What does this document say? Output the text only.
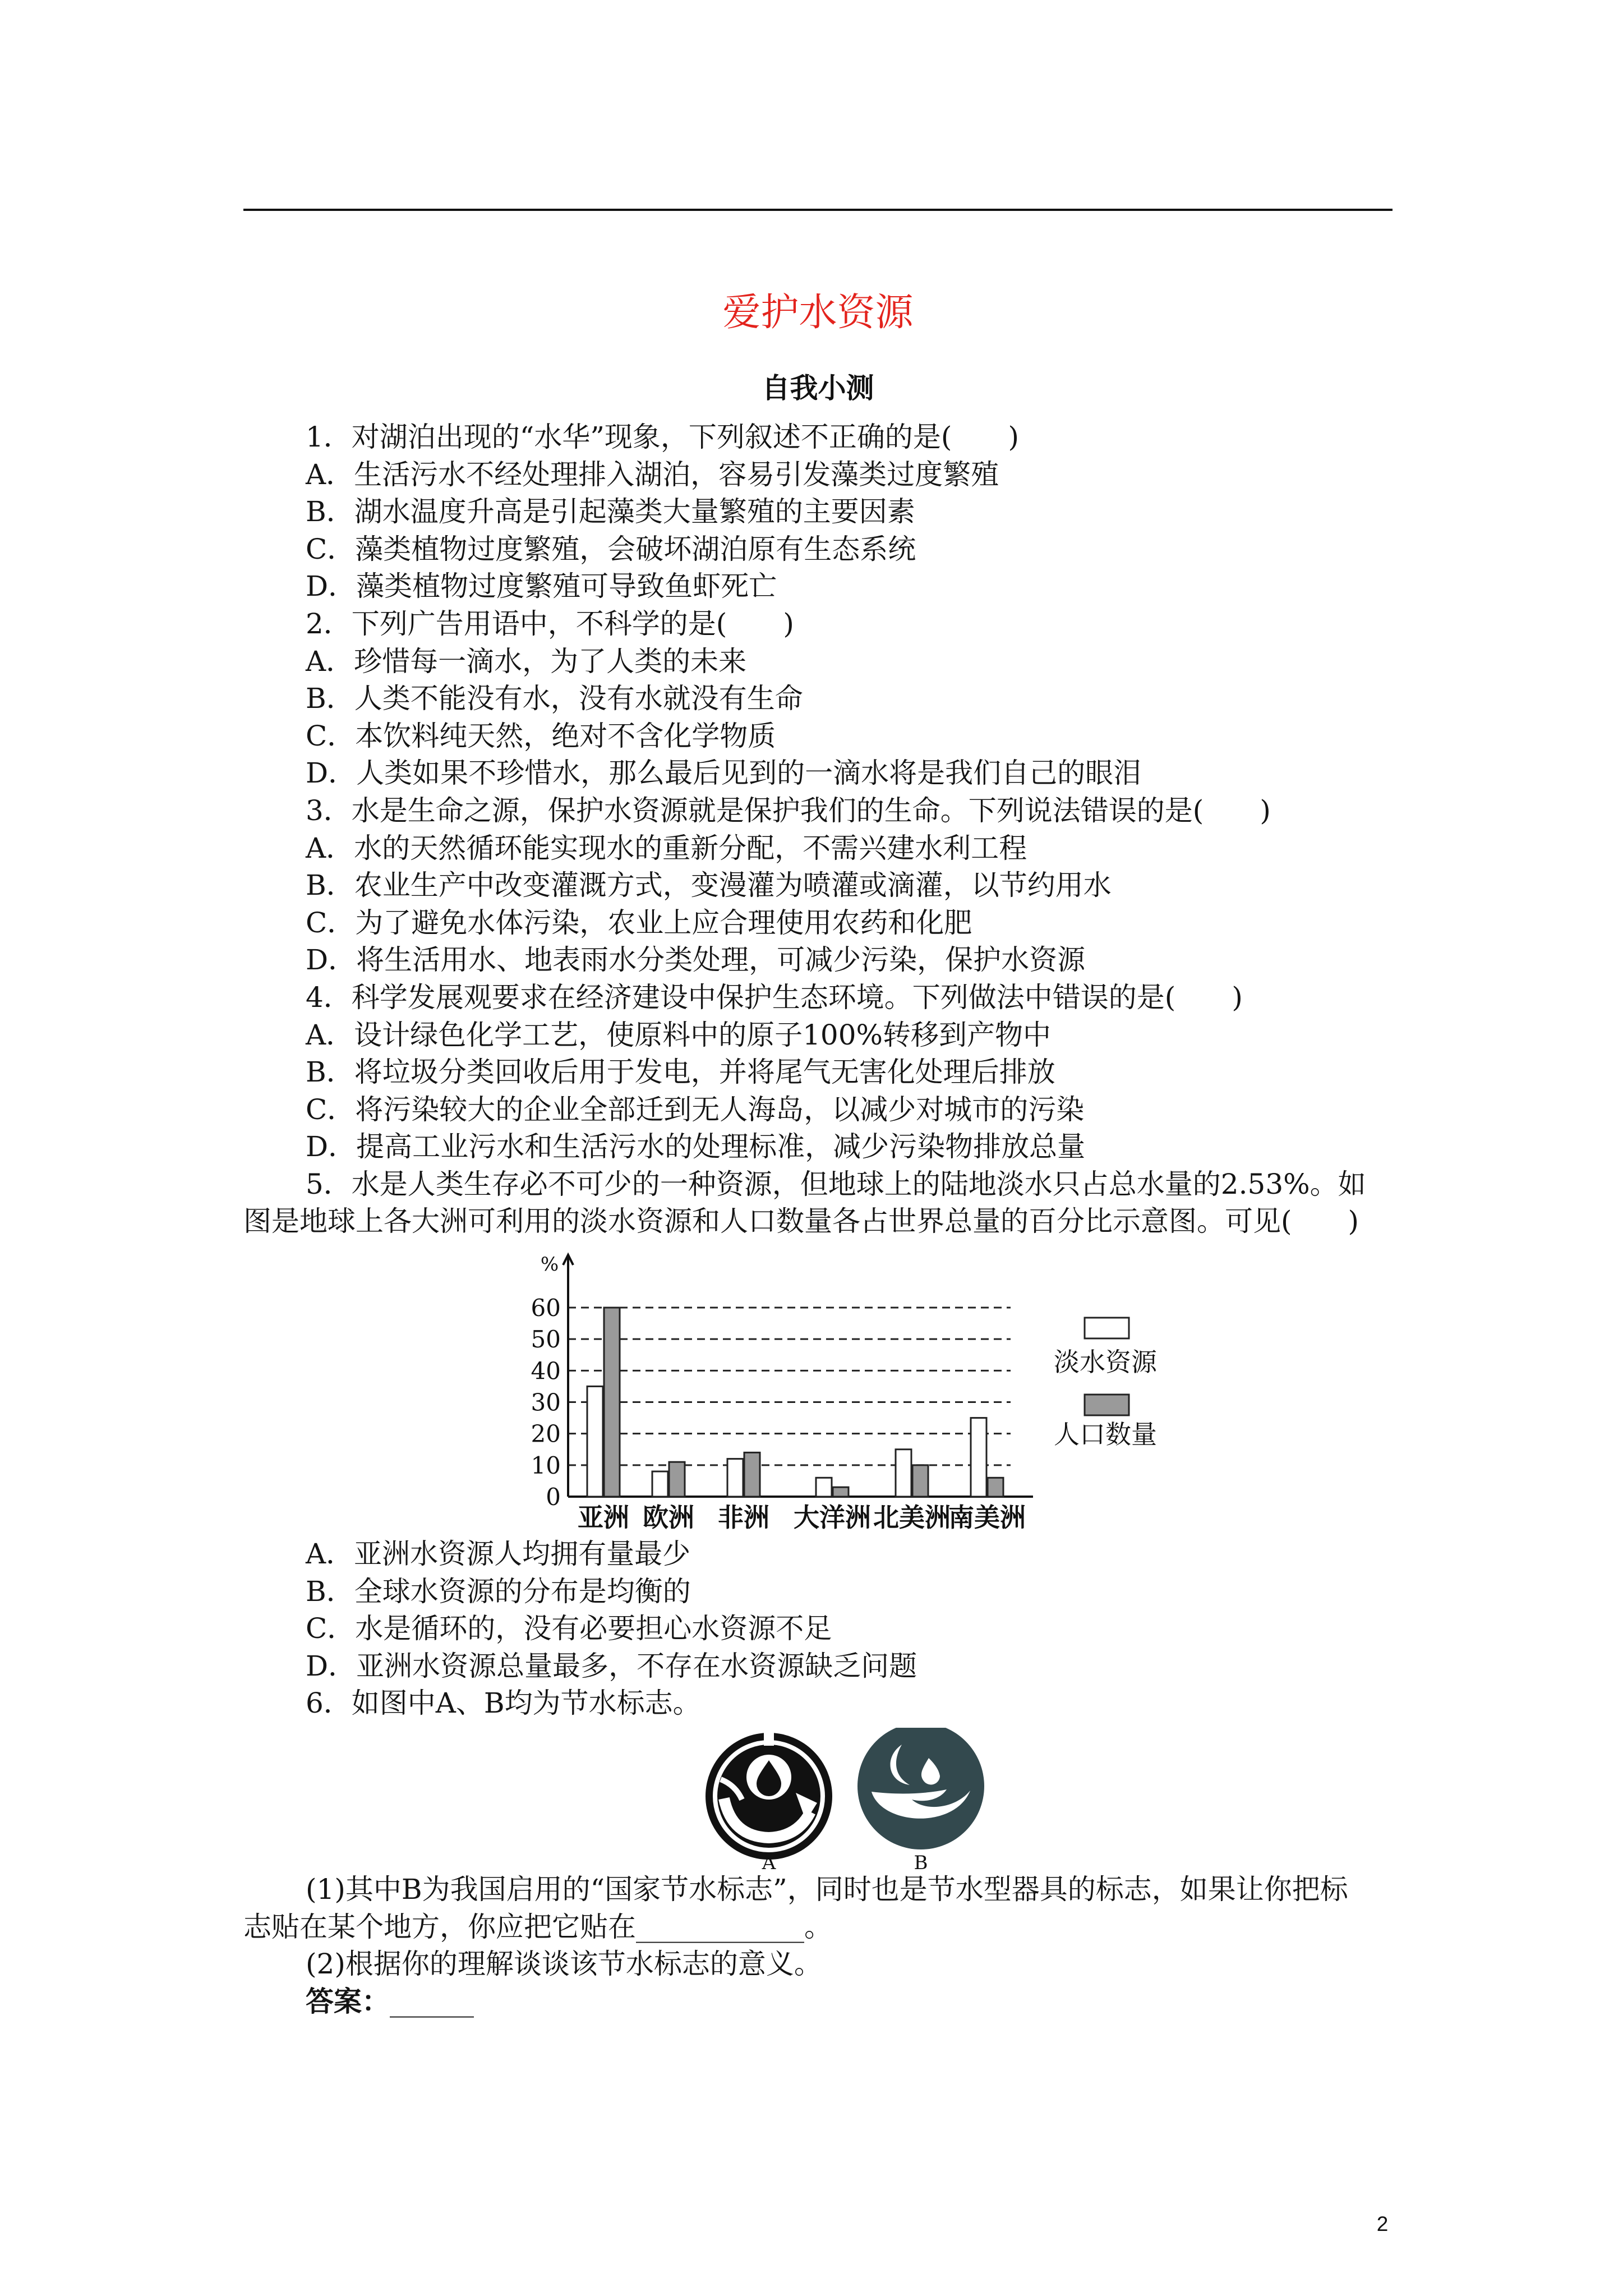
爱护水资源
自我小测
1．对湖泊出现的“水华”现象，下列叙述不正确的是(　　)
A．生活污水不经处理排入湖泊，容易引发藻类过度繁殖
B．湖水温度升高是引起藻类大量繁殖的主要因素
C．藻类植物过度繁殖，会破坏湖泊原有生态系统
D．藻类植物过度繁殖可导致鱼虾死亡
2．下列广告用语中，不科学的是(　　)
A．珍惜每一滴水，为了人类的未来
B．人类不能没有水，没有水就没有生命
C．本饮料纯天然，绝对不含化学物质
D．人类如果不珍惜水，那么最后见到的一滴水将是我们自己的眼泪
3．水是生命之源，保护水资源就是保护我们的生命。下列说法错误的是(　　)
A．水的天然循环能实现水的重新分配，不需兴建水利工程
B．农业生产中改变灌溉方式，变漫灌为喷灌或滴灌，以节约用水
C．为了避免水体污染，农业上应合理使用农药和化肥
D．将生活用水、地表雨水分类处理，可减少污染，保护水资源
4．科学发展观要求在经济建设中保护生态环境。下列做法中错误的是(　　)
A．设计绿色化学工艺，使原料中的原子100%转移到产物中
B．将垃圾分类回收后用于发电，并将尾气无害化处理后排放
C．将污染较大的企业全部迁到无人海岛，以减少对城市的污染
D．提高工业污水和生活污水的处理标准，减少污染物排放总量
5．水是人类生存必不可少的一种资源，但地球上的陆地淡水只占总水量的2.53%。如
图是地球上各大洲可利用的淡水资源和人口数量各占世界总量的百分比示意图。可见(　　)
0
10
20
30
40
50
60
%
亚洲 欧洲 非洲 大洋洲 北美洲
南美洲
淡水资源
人口数量
A．亚洲水资源人均拥有量最少
B．全球水资源的分布是均衡的
C．水是循环的，没有必要担心水资源不足
D．亚洲水资源总量最多，不存在水资源缺乏问题
6．如图中A、B均为节水标志。
A	B
(1)其中B为我国启用的“国家节水标志”，同时也是节水型器具的标志，如果让你把标
志贴在某个地方，你应把它贴在____________。
(2)根据你的理解谈谈该节水标志的意义。
答案：______
2
